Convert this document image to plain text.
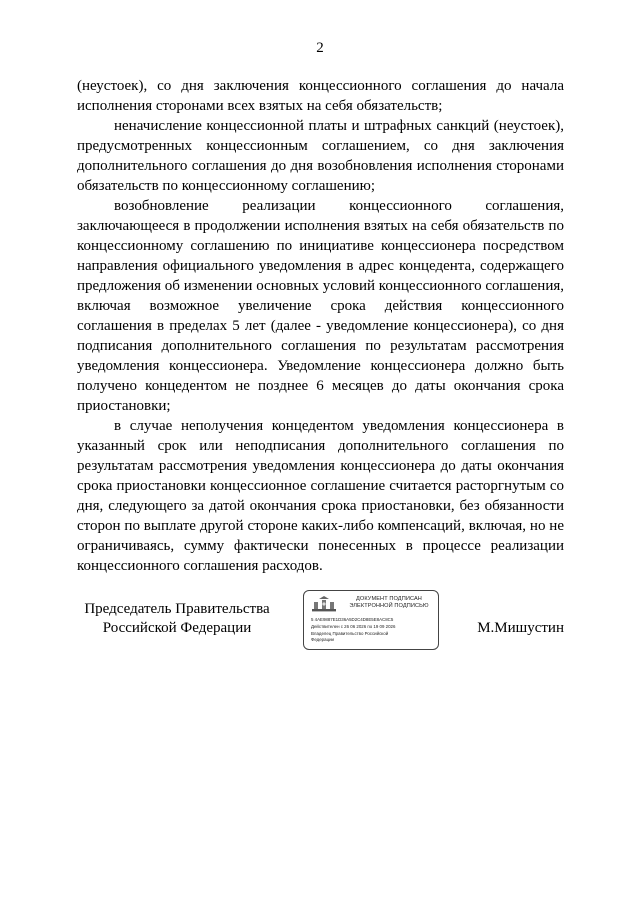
2

(неустоек), со дня заключения концессионного соглашения до начала исполнения сторонами всех взятых на себя обязательств;

неначисление концессионной платы и штрафных санкций (неустоек), предусмотренных концессионным соглашением, со дня заключения дополнительного соглашения до дня возобновления исполнения сторонами обязательств по концессионному соглашению;

возобновление реализации концессионного соглашения, заключающееся в продолжении исполнения взятых на себя обязательств по концессионному соглашению по инициативе концессионера посредством направления официального уведомления в адрес концедента, содержащего предложения об изменении основных условий концессионного соглашения, включая возможное увеличение срока действия концессионного соглашения в пределах 5 лет (далее - уведомление концессионера), со дня подписания дополнительного соглашения по результатам рассмотрения уведомления концессионера. Уведомление концессионера должно быть получено концедентом не позднее 6 месяцев до даты окончания срока приостановки;

в случае неполучения концедентом уведомления концессионера в указанный срок или неподписания дополнительного соглашения по результатам рассмотрения уведомления концессионера до даты окончания срока приостановки концессионное соглашение считается расторгнутым со дня, следующего за датой окончания срока приостановки, без обязанности сторон по выплате другой стороне каких-либо компенсаций, включая, но не ограничиваясь, сумму фактически понесенных в процессе реализации концессионного соглашения расходов.

Председатель Правительства
Российской Федерации
ДОКУМЕНТ ПОДПИСАН
ЭЛЕКТРОННОЙ ПОДПИСЬЮ
5 4AE9887E1D36A5D2C4D8E5E8AC8C5
Действителен с 26 06 2026 по 19 09 2026
Владелец Правительство Российской
Федерации
М.Мишустин
